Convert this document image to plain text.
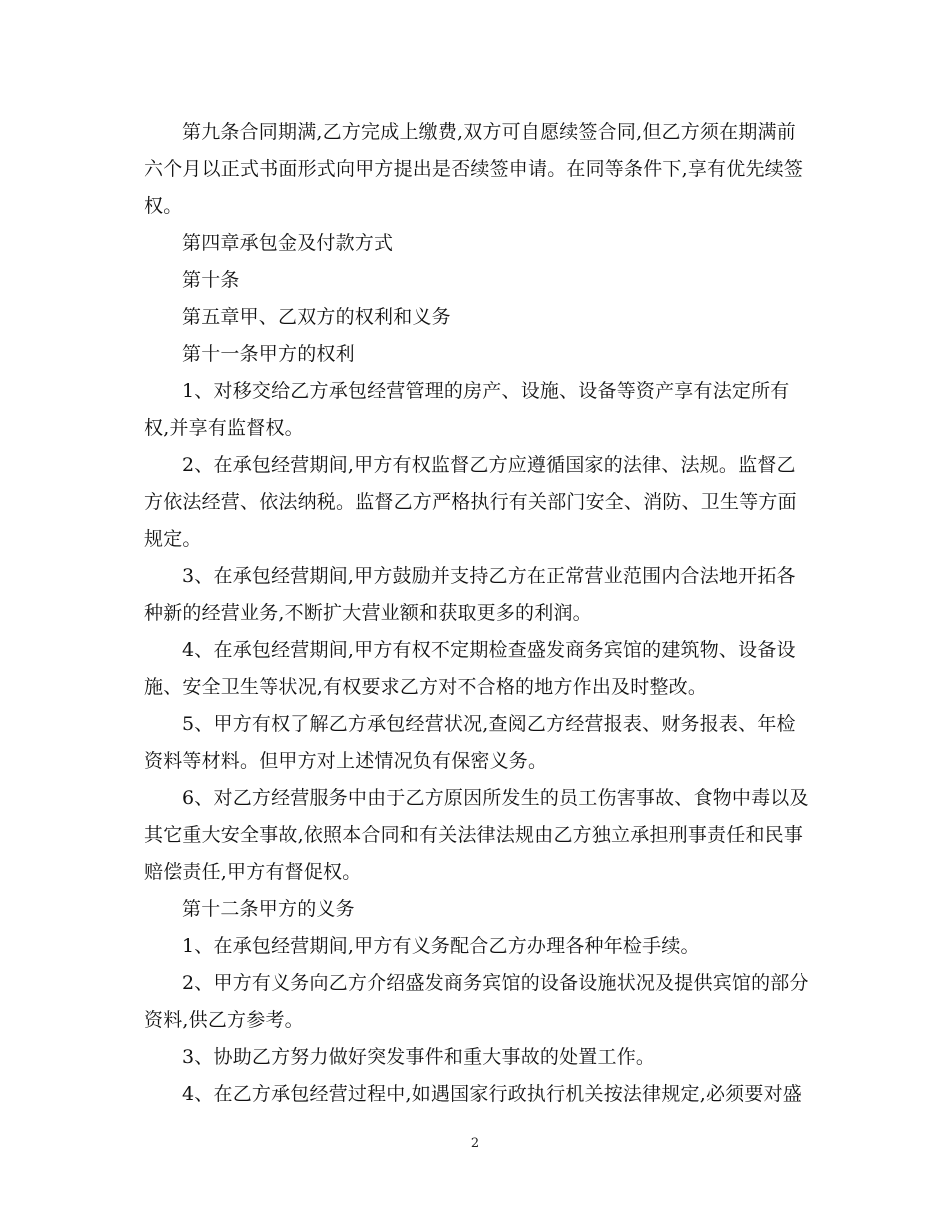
第九条合同期满,乙方完成上缴费,双方可自愿续签合同,但乙方须在期满前六个月以正式书面形式向甲方提出是否续签申请。在同等条件下,享有优先续签权。

第四章承包金及付款方式

第十条

第五章甲、乙双方的权利和义务

第十一条甲方的权利

1、对移交给乙方承包经营管理的房产、设施、设备等资产享有法定所有权,并享有监督权。

2、在承包经营期间,甲方有权监督乙方应遵循国家的法律、法规。监督乙方依法经营、依法纳税。监督乙方严格执行有关部门安全、消防、卫生等方面规定。

3、在承包经营期间,甲方鼓励并支持乙方在正常营业范围内合法地开拓各种新的经营业务,不断扩大营业额和获取更多的利润。

4、在承包经营期间,甲方有权不定期检查盛发商务宾馆的建筑物、设备设施、安全卫生等状况,有权要求乙方对不合格的地方作出及时整改。

5、甲方有权了解乙方承包经营状况,查阅乙方经营报表、财务报表、年检资料等材料。但甲方对上述情况负有保密义务。

6、对乙方经营服务中由于乙方原因所发生的员工伤害事故、食物中毒以及其它重大安全事故,依照本合同和有关法律法规由乙方独立承担刑事责任和民事赔偿责任,甲方有督促权。

第十二条甲方的义务

1、在承包经营期间,甲方有义务配合乙方办理各种年检手续。

2、甲方有义务向乙方介绍盛发商务宾馆的设备设施状况及提供宾馆的部分资料,供乙方参考。

3、协助乙方努力做好突发事件和重大事故的处置工作。

4、在乙方承包经营过程中,如遇国家行政执行机关按法律规定,必须要对盛

2
